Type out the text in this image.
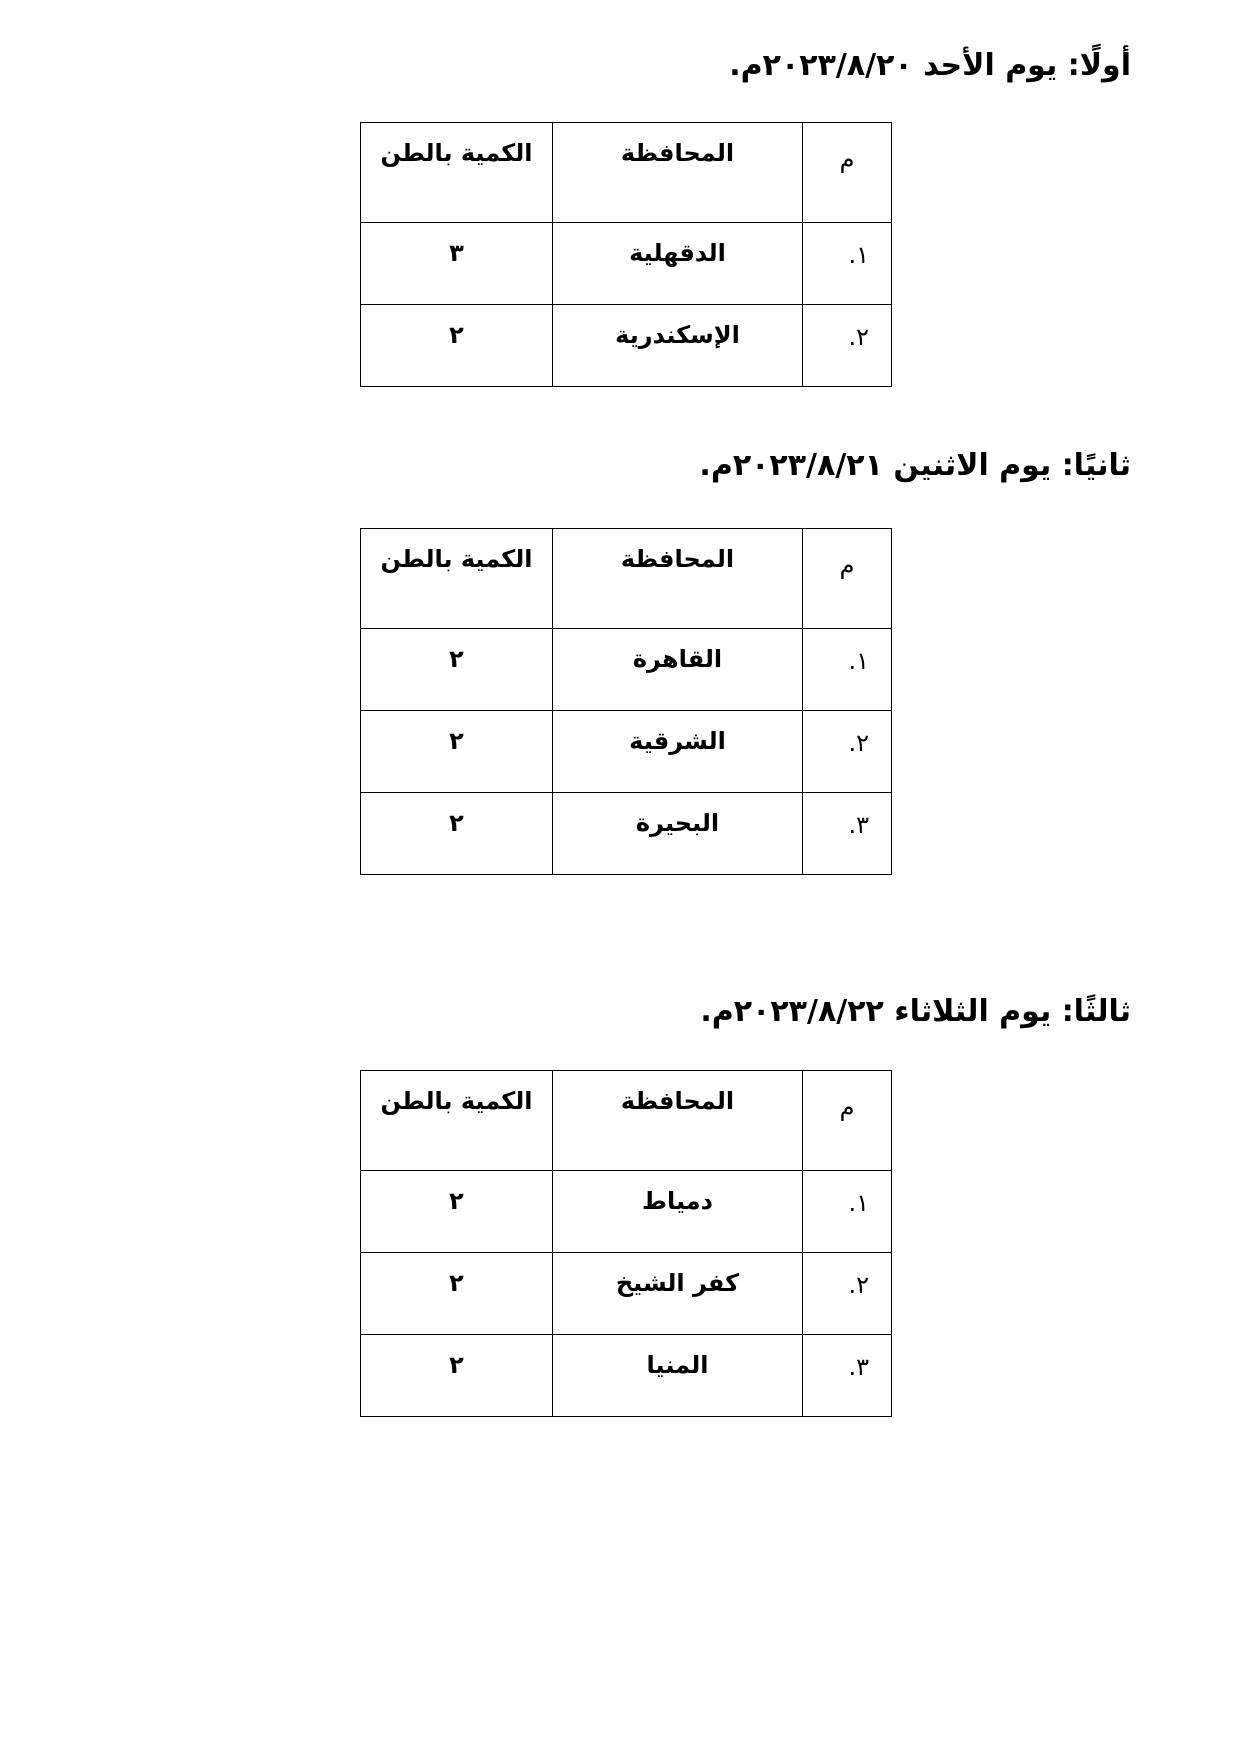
أولًا: يوم الأحد ٢٠٢٣/٨/٢٠م.
م	المحافظة	الكمية بالطن
١.	الدقهلية	٣
٢.	الإسكندرية	٢
ثانيًا: يوم الاثنين ٢٠٢٣/٨/٢١م.
م	المحافظة	الكمية بالطن
١.	القاهرة	٢
٢.	الشرقية	٢
٣.	البحيرة	٢
ثالثًا: يوم الثلاثاء ٢٠٢٣/٨/٢٢م.
م	المحافظة	الكمية بالطن
١.	دمياط	٢
٢.	كفر الشيخ	٢
٣.	المنيا	٢
